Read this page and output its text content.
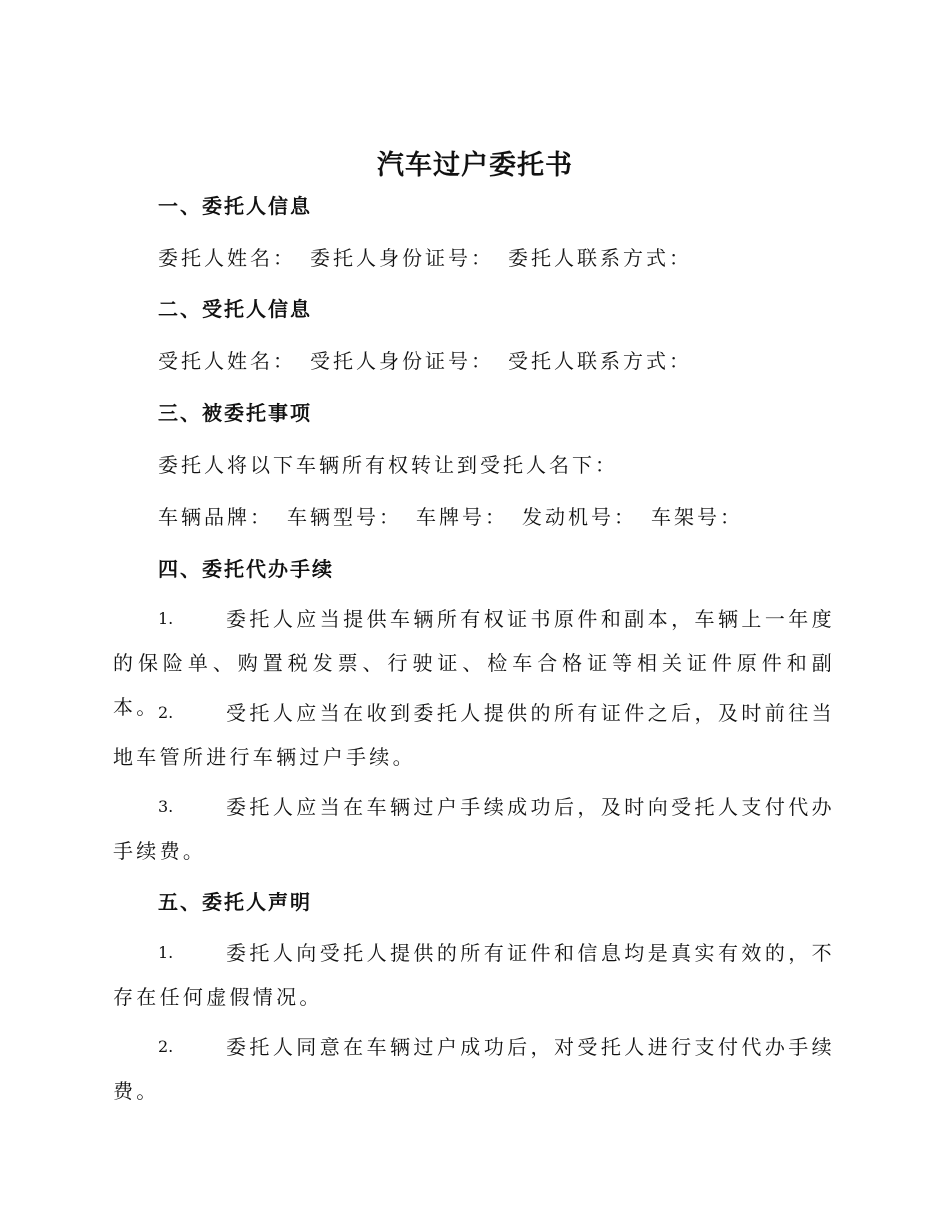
汽车过户委托书
一、委托人信息
委托人姓名： 委托人身份证号： 委托人联系方式：
二、受托人信息
受托人姓名： 受托人身份证号： 受托人联系方式：
三、被委托事项
委托人将以下车辆所有权转让到受托人名下：
车辆品牌： 车辆型号： 车牌号： 发动机号： 车架号：
四、委托代办手续
1.	委托人应当提供车辆所有权证书原件和副本，车辆上一年度的保险单、购置税发票、行驶证、检车合格证等相关证件原件和副本。
2.	受托人应当在收到委托人提供的所有证件之后，及时前往当地车管所进行车辆过户手续。
3.	委托人应当在车辆过户手续成功后，及时向受托人支付代办手续费。
五、委托人声明
1.	委托人向受托人提供的所有证件和信息均是真实有效的，不存在任何虚假情况。
2.	委托人同意在车辆过户成功后，对受托人进行支付代办手续费。
